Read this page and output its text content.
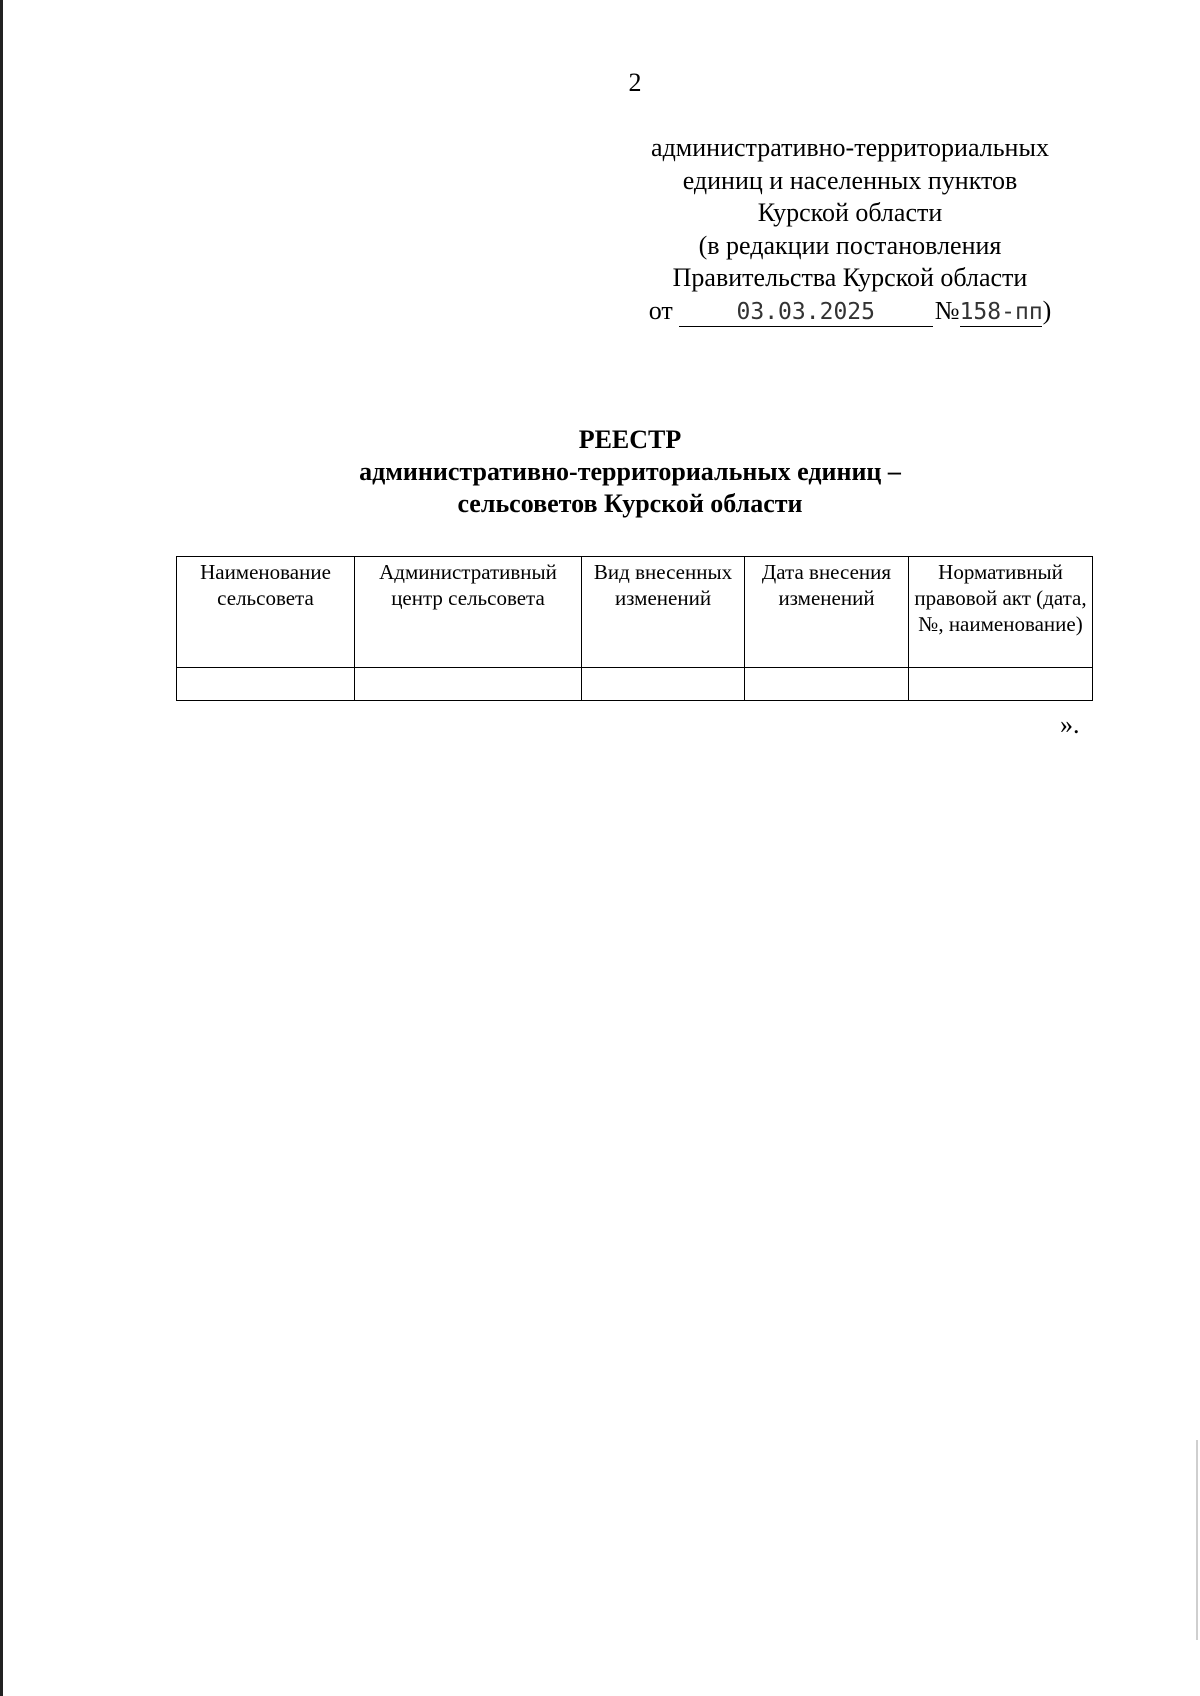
2
административно-территориальных
единиц и населенных пунктов
Курской области
(в редакции постановления
Правительства Курской области
от	03.03.2025 №158-пп)
РЕЕСТР
административно-территориальных единиц –
сельсоветов Курской области
Наименование сельсовета	Административный центр сельсовета	Вид внесенных изменений	Дата внесения изменений	Нормативный правовой акт (дата, №, наименование)

».
